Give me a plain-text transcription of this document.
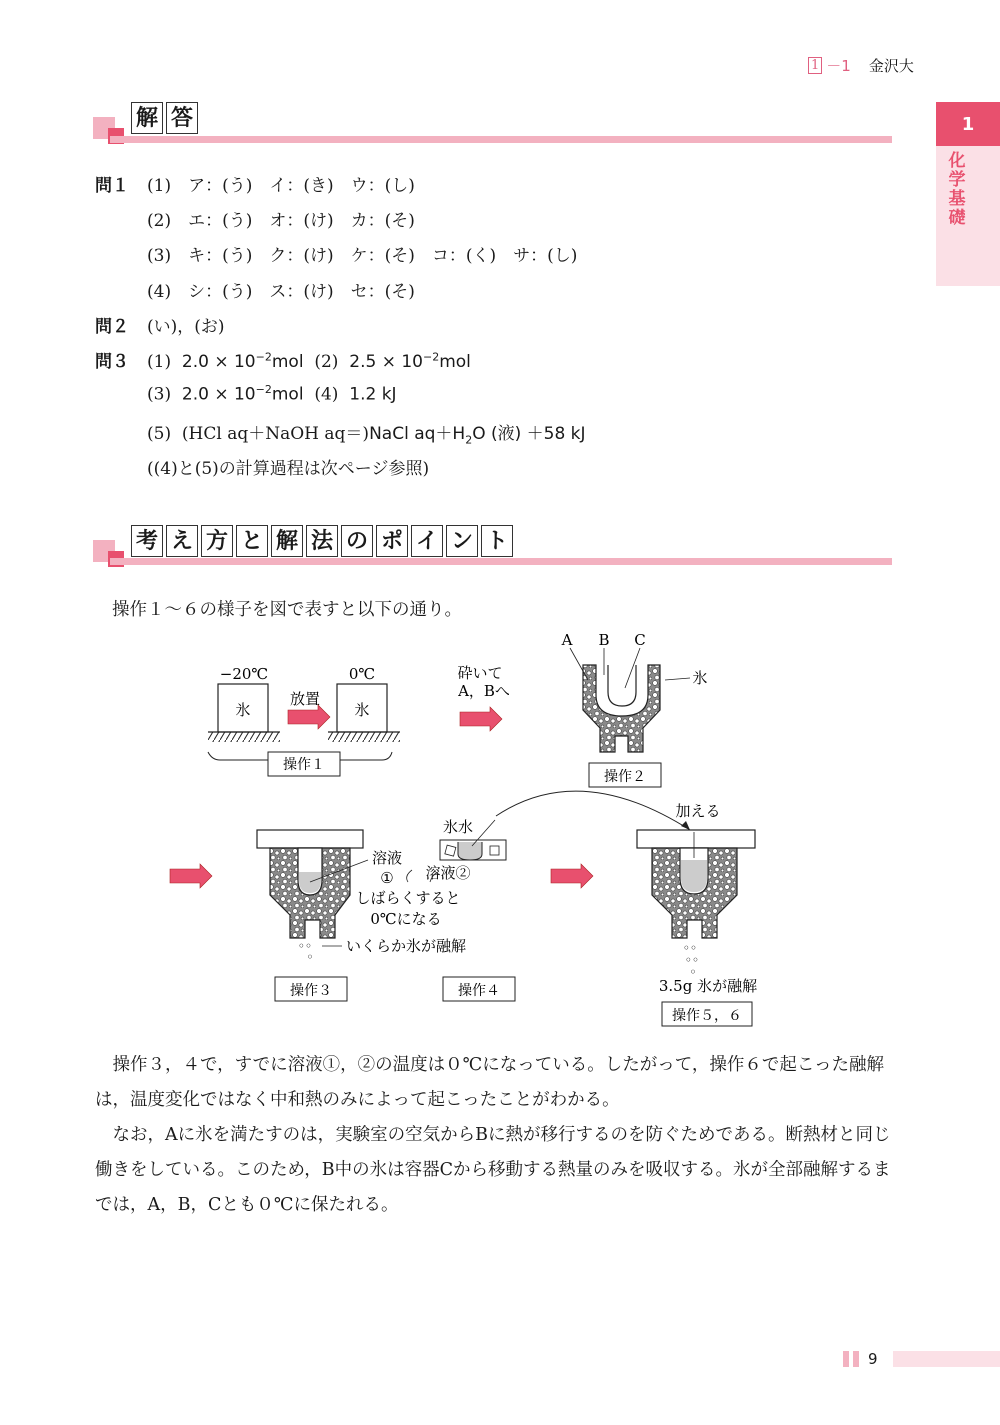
1 －1 金沢大
1
化
学
基
礎
解 答
問１ (1)　ア：(う)　イ：(き)　ウ：(し)
(2)　エ：(う)　オ：(け)　カ：(そ)
(3)　キ：(う)　ク：(け)　ケ：(そ)　コ：(く)　サ：(し)
(4)　シ：(う)　ス：(け)　セ：(そ)
問２ (い)，(お)
問３ (1) $2.0 \times 10^{-2}mol$ (2) $2.5 \times 10^{-2}mol$
(3) $2.0 \times 10^{-2}mol$ (4) 1.2 kJ
(5) (HCl aq＋NaOH aq＝)NaCl $aq+H_2O$ (液) ＋58 kJ
((4)と(5)の計算過程は次ページ参照)
考 え 方 と 解 法 の ポ イ ン ト
操作１～６の様子を図で表すと以下の通り。
−20℃
氷
放置
0℃
氷
操作１
砕いて
A，Bへ
A B C
氷
操作２
溶液
①
◦◦
◦
いくらか氷が融解
操作３
氷水
溶液②
しばらくすると
0℃になる
操作４
加える
◦◦
◦◦
◦
3.5g 氷が融解
操作５，６
　操作３，４で，すでに溶液①，②の温度は０℃になっている。したがって，操作６で起こった融解は，温度変化ではなく中和熱のみによって起こったことがわかる。
　なお，Aに氷を満たすのは，実験室の空気からBに熱が移行するのを防ぐためである。断熱材と同じ働きをしている。このため，B中の氷は容器Cから移動する熱量のみを吸収する。氷が全部融解するまでは，A，B，Cとも０℃に保たれる。
9
